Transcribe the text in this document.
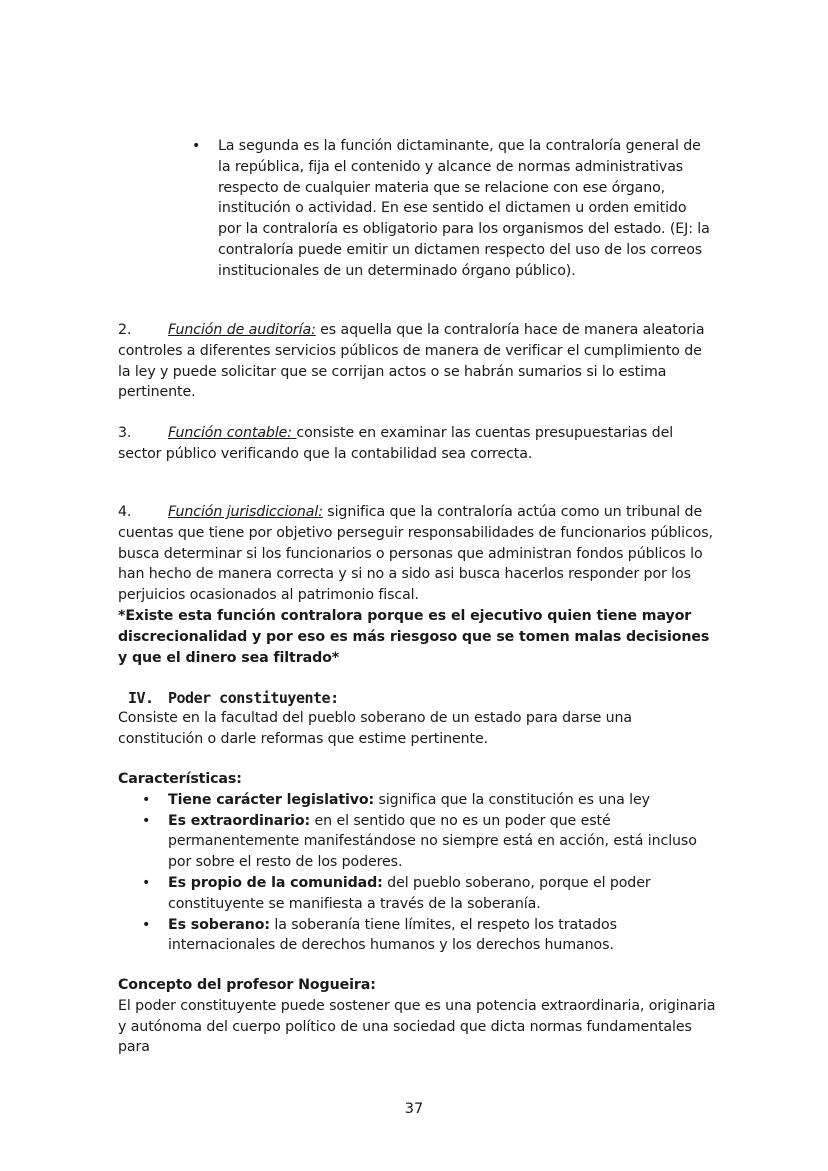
•	La segunda es la función dictaminante, que la contraloría general de la república, fija el contenido y alcance de normas administrativas respecto de cualquier materia que se relacione con ese órgano, institución o actividad. En ese sentido el dictamen u orden emitido por la contraloría es obligatorio para los organismos del estado. (EJ: la contraloría puede emitir un dictamen respecto del uso de los correos institucionales de un determinado órgano público).
2.	Función de auditoría: es aquella que la contraloría hace de manera aleatoria controles a diferentes servicios públicos de manera de verificar el cumplimiento de la ley y puede solicitar que se corrijan actos o se habrán sumarios si lo estima pertinente.
3.	Función contable: consiste en examinar las cuentas presupuestarias del sector público verificando que la contabilidad sea correcta.
4.	Función jurisdiccional: significa que la contraloría actúa como un tribunal de cuentas que tiene por objetivo perseguir responsabilidades de funcionarios públicos, busca determinar si los funcionarios o personas que administran fondos públicos lo han hecho de manera correcta y si no a sido asi busca hacerlos responder por los perjuicios ocasionados al patrimonio fiscal.
*Existe esta función contralora porque es el ejecutivo quien tiene mayor discrecionalidad y por eso es más riesgoso que se tomen malas decisiones y que el dinero sea filtrado*
IV. Poder constituyente:
Consiste en la facultad del pueblo soberano de un estado para darse una constitución o darle reformas que estime pertinente.
Características:
• Tiene carácter legislativo: significa que la constitución es una ley
• Es extraordinario: en el sentido que no es un poder que esté permanentemente manifestándose no siempre está en acción, está incluso por sobre el resto de los poderes.
• Es propio de la comunidad: del pueblo soberano, porque el poder constituyente se manifiesta a través de la soberanía.
• Es soberano: la soberanía tiene límites, el respeto los tratados internacionales de derechos humanos y los derechos humanos.
Concepto del profesor Nogueira:
El poder constituyente puede sostener que es una potencia extraordinaria, originaria y autónoma del cuerpo político de una sociedad que dicta normas fundamentales para
37
